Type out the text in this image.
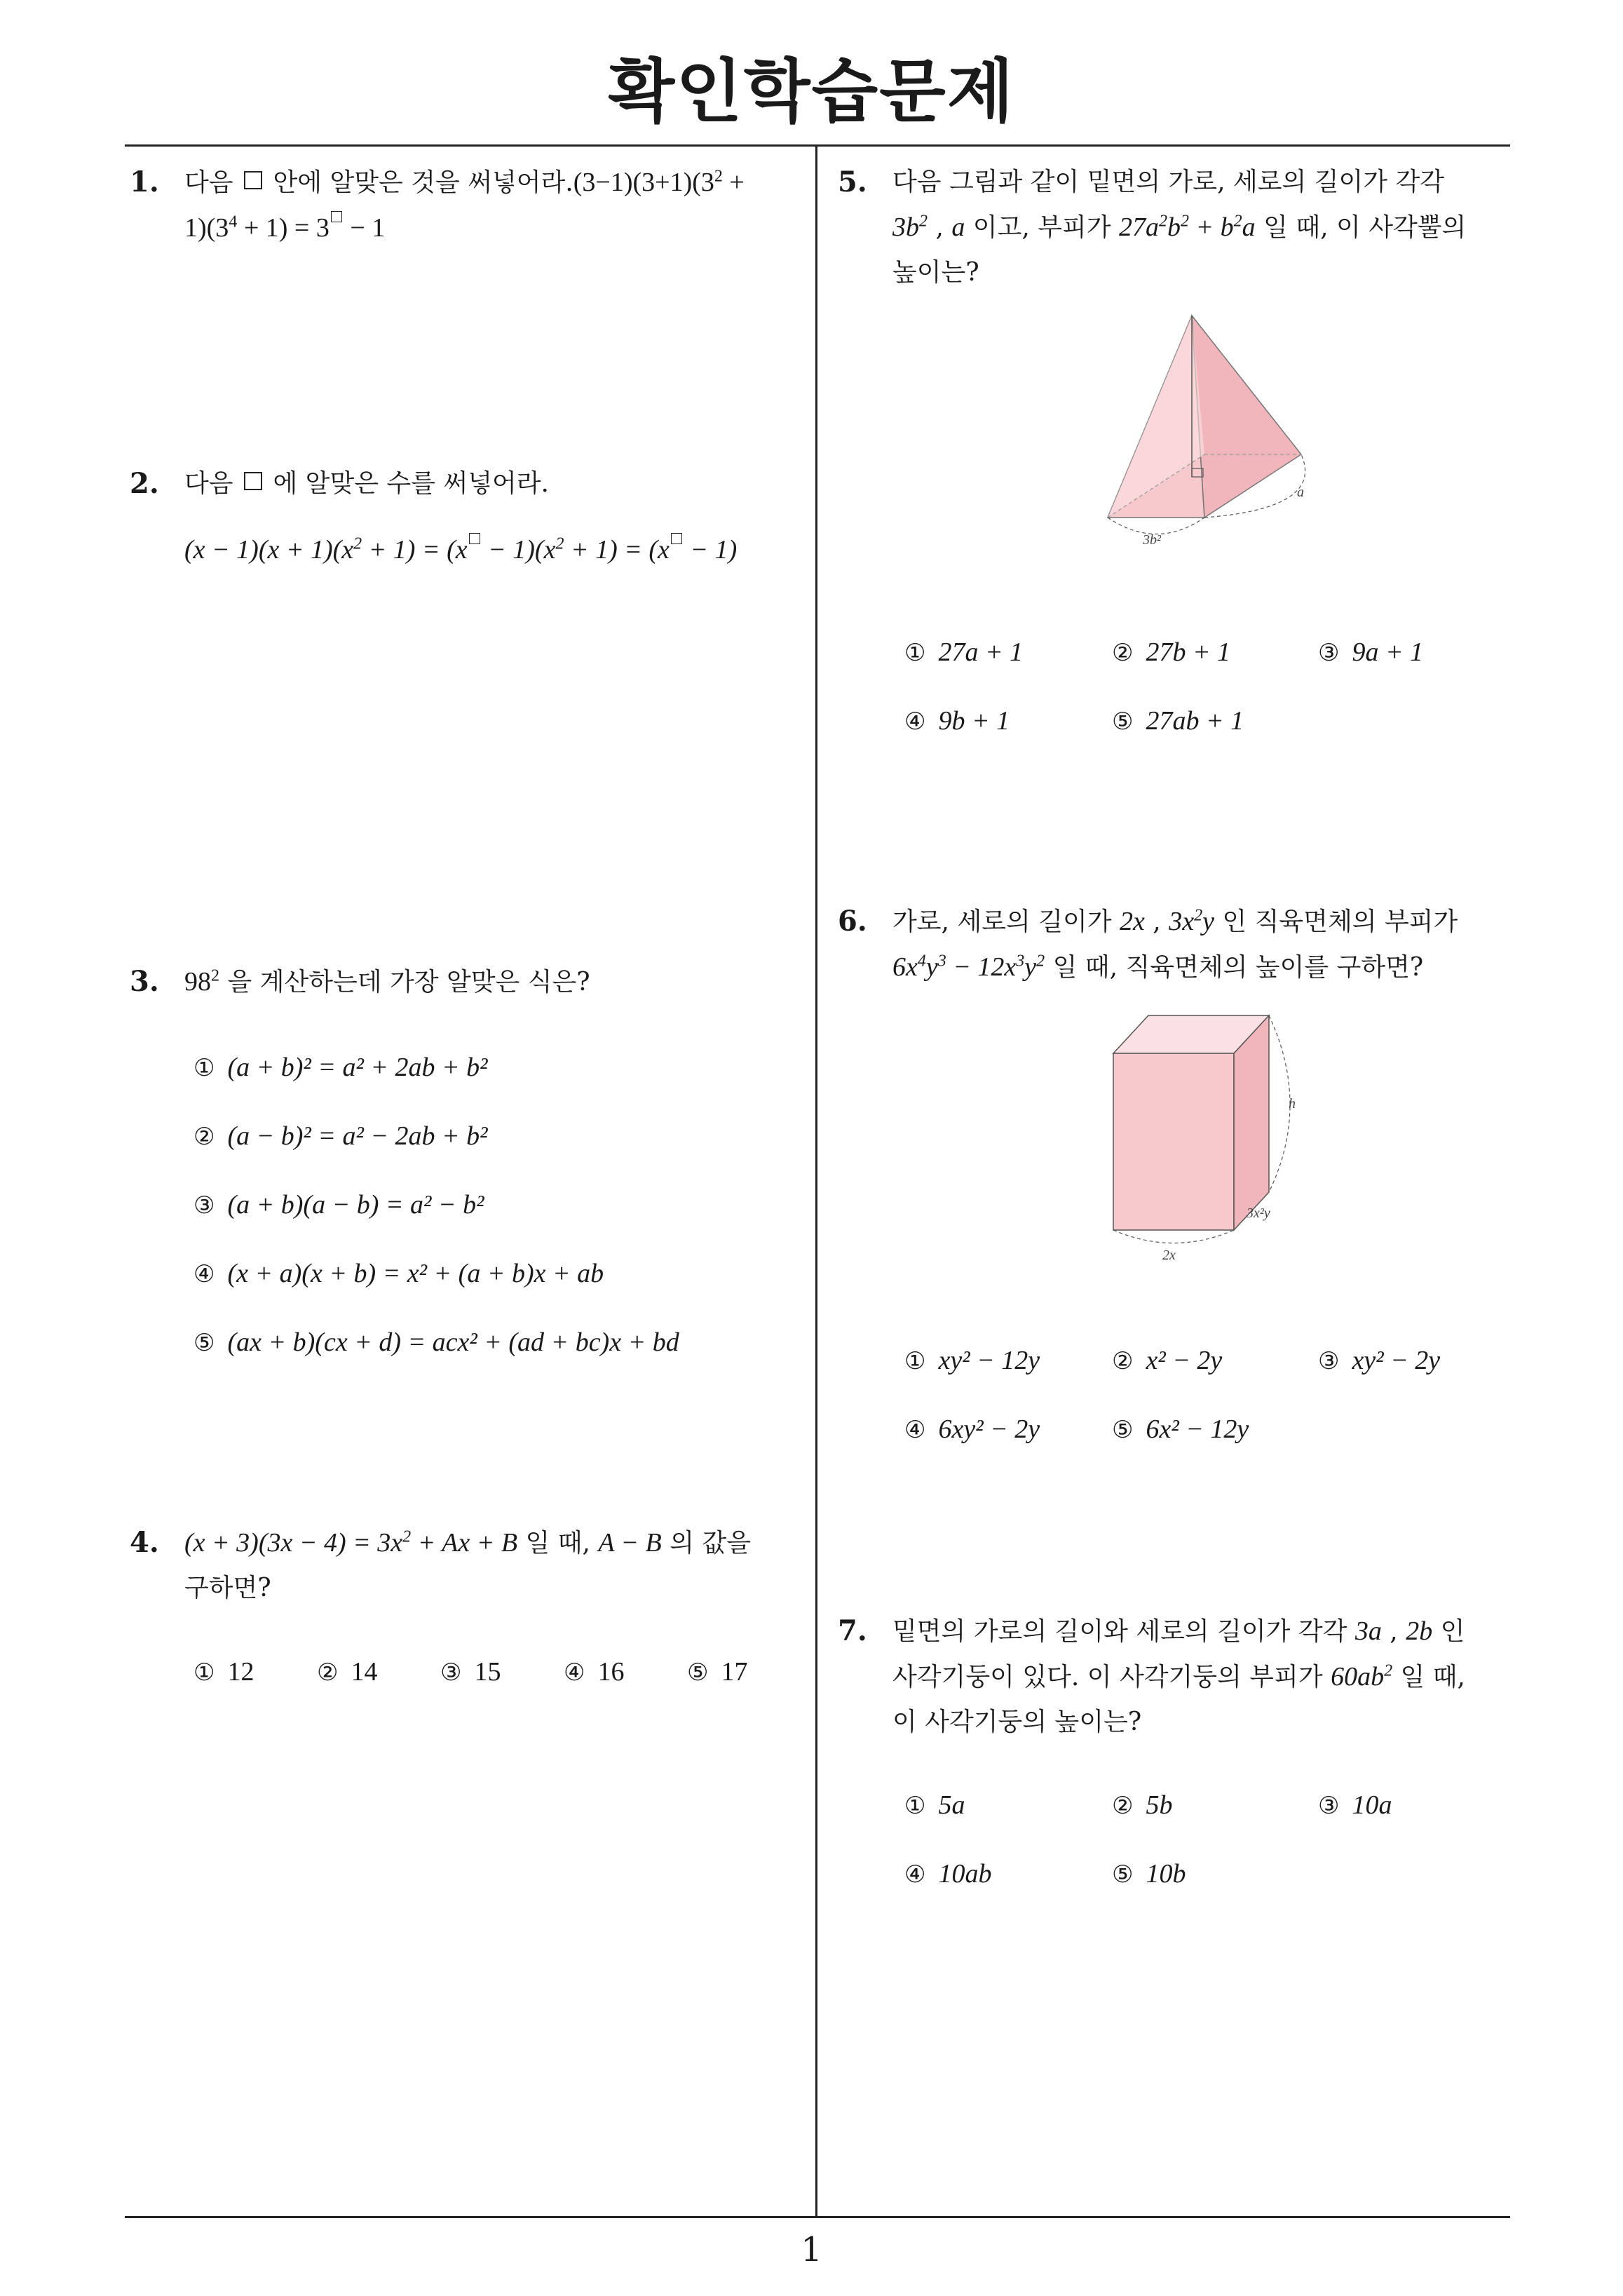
확인학습문제
1
1. 다음  안에 알맞은 것을 써넣어라$.(3-1)(3+1)(3^2$ +
$1)(3^4 + 1) = 3 - 1$
2. 다음  에 알맞은 수를 써넣어라.
$(x - 1)(x + 1)(x^2 + 1) = (x - 1)(x^2 + 1) = (x - 1)$
3. $98^2$ 을 계산하는데 가장 알맞은 식은?
① (a + b)² = a² + 2ab + b²
② (a − b)² = a² − 2ab + b²
③ (a + b)(a − b) = a² − b²
④ (x + a)(x + b) = x² + (a + b)x + ab
⑤ (ax + b)(cx + d) = acx² + (ad + bc)x + bd
4. $(x + 3)(3x - 4) = 3x^2 + Ax + B$ 일 때, A − B 의 값을
구하면?
① 12	② 14	③ 15	④ 16	⑤ 17
5. 다음 그림과 같이 밑면의 가로, 세로의 길이가 각각
$3b^2$ , a 이고, 부피가 $27a^2b^2 + b^2a$ 일 때, 이 사각뿔의
높이는?
3b²
a
① 27a + 1	② 27b + 1	③ 9a + 1
④ 9b + 1	⑤ 27ab + 1
6. 가로, 세로의 길이가 2x , $3x^2y$ 인 직육면체의 부피가
$6x^4y^3 - 12x^3y^2$ 일 때, 직육면체의 높이를 구하면?
2x
3x²y
h
① xy² − 12y	② x² − 2y	③ xy² − 2y
④ 6xy² − 2y	⑤ 6x² − 12y
7. 밑면의 가로의 길이와 세로의 길이가 각각 3a , 2b 인
사각기둥이 있다. 이 사각기둥의 부피가 $60ab^2$ 일 때,
이 사각기둥의 높이는?
① 5a	② 5b	③ 10a
④ 10ab	⑤ 10b
